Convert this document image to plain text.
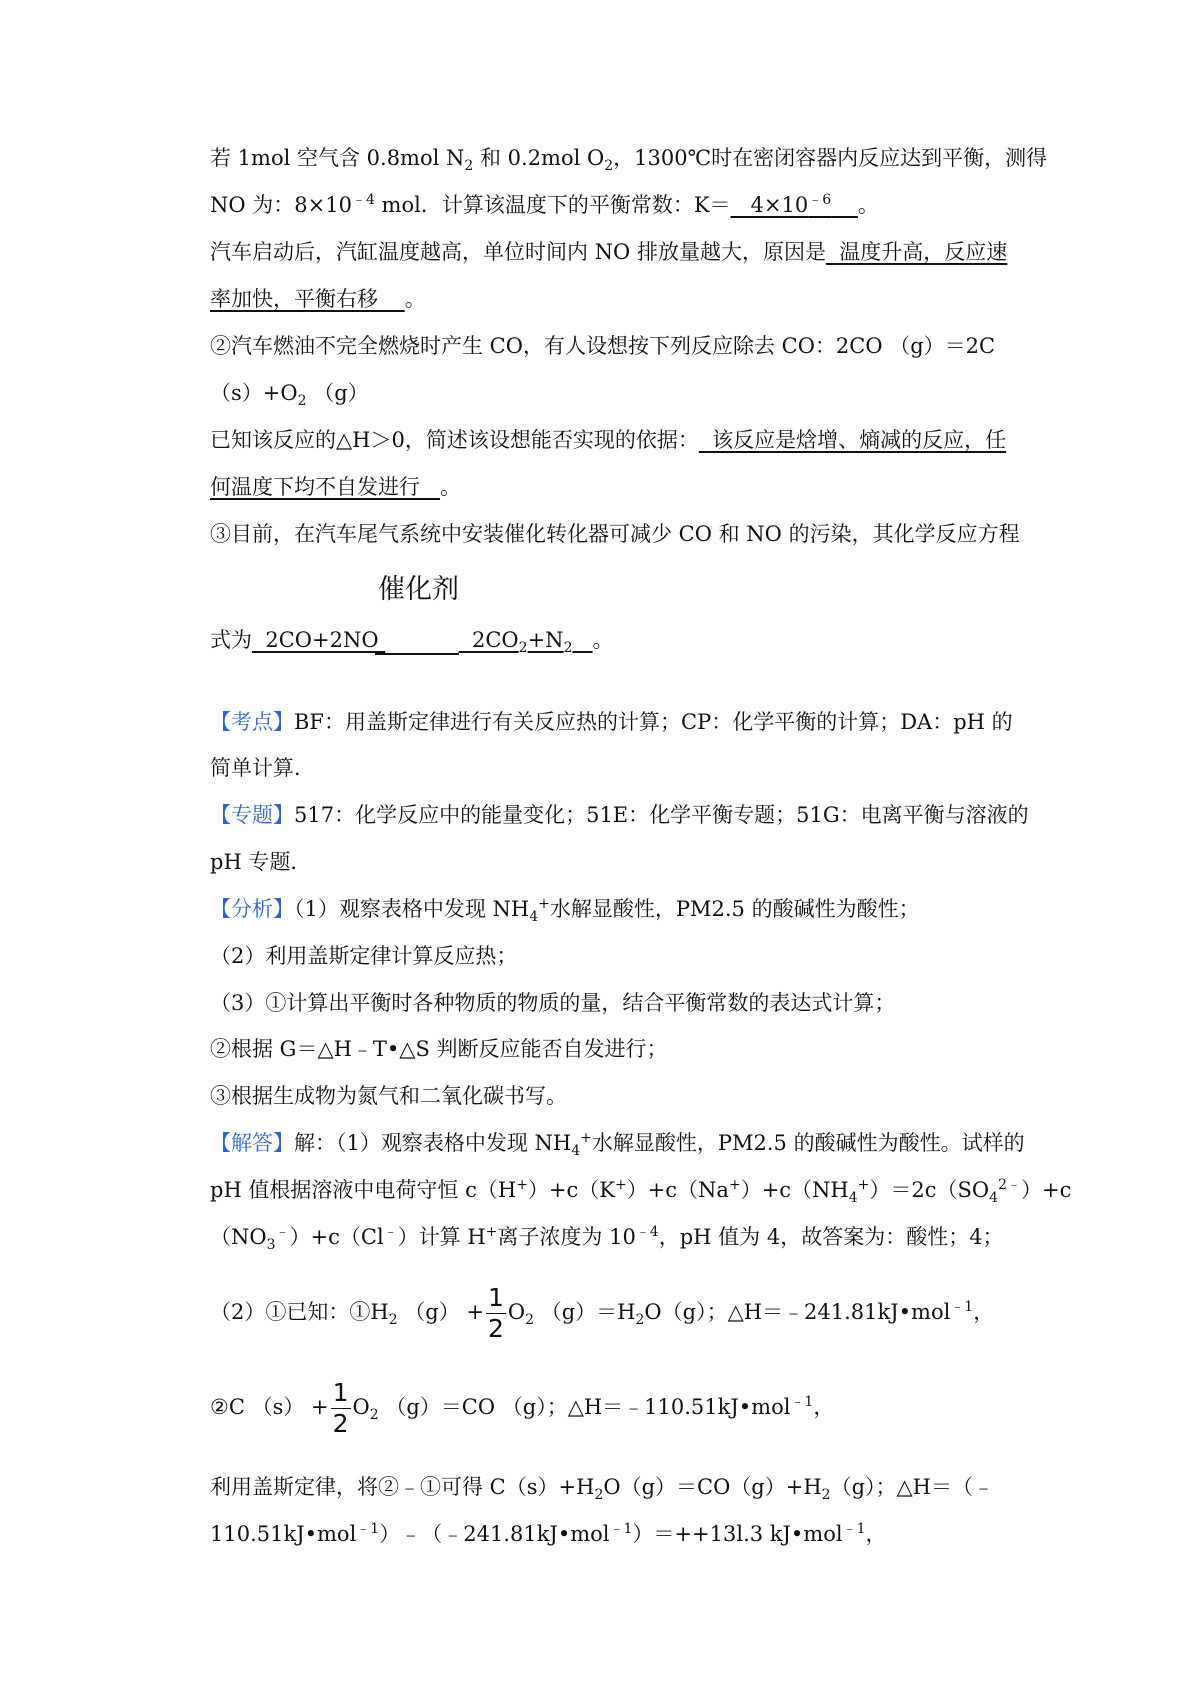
若 1mol 空气含 0.8mol $N_2$ 和 0.2mol $O_2$，1300℃时在密闭容器内反应达到平衡，测得
NO 为：$8\times 10^{﹣4}$ mol．计算该温度下的平衡常数：$K= 4\times 10^{﹣6}$ 。
汽车启动后，汽缸温度越高，单位时间内 NO 排放量越大，原因是  温度升高，反应速
率加快，平衡右移 。
②汽车燃油不完全燃烧时产生 CO，有人设想按下列反应除去 CO：2CO （g）＝2C
$(s)+O_2$ （g）
已知该反应的△H＞0，简述该设想能否实现的依据：  该反应是焓增、熵减的反应，任
何温度下均不自发进行 。
③目前，在汽车尾气系统中安装催化转化器可减少 CO 和 NO 的污染，其化学反应方程
催化剂
式为  2CO+2NO	$2CO_2+N_2$ 。
【考点】BF：用盖斯定律进行有关反应热的计算；CP：化学平衡的计算；DA：pH 的
简单计算．
【专题】517：化学反应中的能量变化；51E：化学平衡专题；51G：电离平衡与溶液的
pH 专题．
【分析】（1）观察表格中发现 $NH_4^+$水解显酸性，PM2.5 的酸碱性为酸性；
（2）利用盖斯定律计算反应热；
（3）①计算出平衡时各种物质的物质的量，结合平衡常数的表达式计算；
②根据 G＝△H﹣T•△S 判断反应能否自发进行；
③根据生成物为氮气和二氧化碳书写。
【解答】解：（1）观察表格中发现 $NH_4^+$水解显酸性，PM2.5 的酸碱性为酸性。试样的
pH 值根据溶液中电荷守恒 $c(H^+)+c(K^+)+c(Na^+)+c(NH_4^+)=2c(SO_4^{2﹣})+c$
$(NO_3^﹣)+c(Cl^﹣)$计算 H+离子浓度为 $10^{﹣4}$，pH 值为 4，故答案为：酸性；4；
（2）①已知：$①H_2$ $(g) + \frac{1}{2} O_2$ $(g)=H_2O(g)$；△H＝﹣241.81kJ•mol$^{﹣1}$，
②C $(s) + \frac{1}{2} O_2$ （g）＝CO （g）；△H＝﹣110.51kJ•mol$^{﹣1}$，
利用盖斯定律，将②﹣①可得 $C(s)+H_2O(g)=CO(g)+H_2(g)$；△H＝（﹣
110.51kJ•mol$^{﹣1}$）﹣（﹣241.81kJ•mol$^{﹣1}$）＝++13l.3 kJ•mol$^{﹣1}$，
